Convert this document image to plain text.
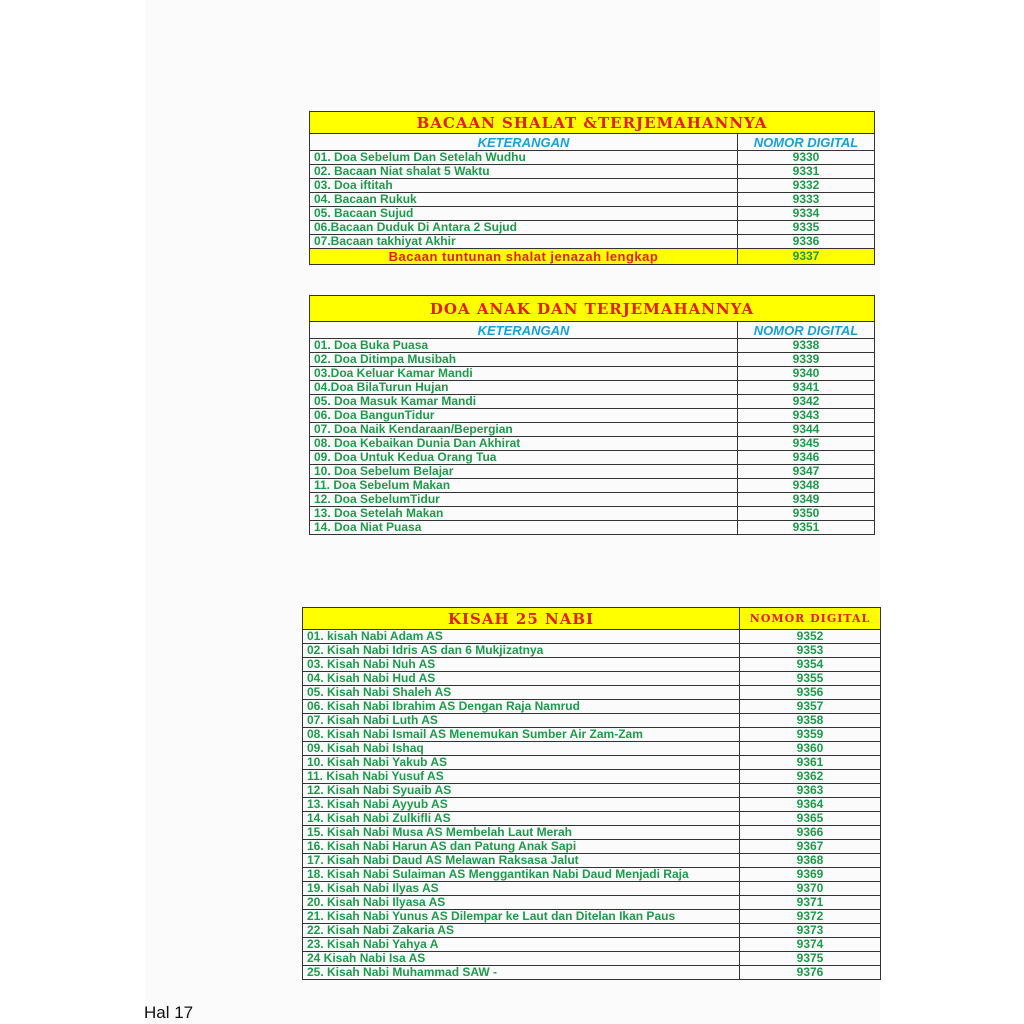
BACAAN SHALAT &TERJEMAHANNYA	
KETERANGAN	NOMOR DIGITAL
01. Doa Sebelum Dan Setelah Wudhu	9330
02. Bacaan Niat shalat 5 Waktu	9331
03. Doa iftitah	9332
04. Bacaan Rukuk	9333
05. Bacaan Sujud	9334
06.Bacaan Duduk Di Antara 2 Sujud	9335
07.Bacaan takhiyat Akhir	9336
Bacaan tuntunan shalat jenazah lengkap	9337
DOA ANAK DAN TERJEMAHANNYA	
KETERANGAN	NOMOR DIGITAL
01. Doa Buka Puasa	9338
02. Doa Ditimpa Musibah	9339
03.Doa Keluar Kamar Mandi	9340
04.Doa BilaTurun Hujan	9341
05. Doa Masuk Kamar Mandi	9342
06. Doa BangunTidur	9343
07. Doa Naik Kendaraan/Bepergian	9344
08. Doa Kebaikan Dunia Dan Akhirat	9345
09. Doa Untuk Kedua Orang Tua	9346
10. Doa Sebelum Belajar	9347
11. Doa Sebelum Makan	9348
12. Doa SebelumTidur	9349
13. Doa Setelah Makan	9350
14. Doa Niat Puasa	9351
KISAH 25 NABI	NOMOR DIGITAL
01. kisah Nabi Adam AS	9352
02. Kisah Nabi Idris AS dan 6 Mukjizatnya	9353
03. Kisah Nabi Nuh AS	9354
04. Kisah Nabi Hud AS	9355
05. Kisah Nabi Shaleh AS	9356
06. Kisah Nabi Ibrahim AS Dengan Raja Namrud	9357
07. Kisah Nabi Luth AS	9358
08. Kisah Nabi Ismail AS Menemukan Sumber Air Zam-Zam	9359
09. Kisah Nabi Ishaq	9360
10. Kisah Nabi Yakub AS	9361
11. Kisah Nabi Yusuf AS	9362
12. Kisah Nabi Syuaib AS	9363
13. Kisah Nabi Ayyub AS	9364
14. Kisah Nabi Zulkifli AS	9365
15. Kisah Nabi Musa AS Membelah Laut Merah	9366
16. Kisah Nabi Harun AS dan Patung Anak Sapi	9367
17. Kisah Nabi Daud AS Melawan Raksasa Jalut	9368
18. Kisah Nabi Sulaiman AS Menggantikan Nabi Daud Menjadi Raja	9369
19. Kisah Nabi Ilyas AS	9370
20. Kisah Nabi Ilyasa AS	9371
21. Kisah Nabi Yunus AS Dilempar ke Laut dan Ditelan Ikan Paus	9372
22. Kisah Nabi Zakaria AS	9373
23. Kisah Nabi Yahya A	9374
24 Kisah Nabi Isa AS	9375
25. Kisah Nabi Muhammad SAW -	9376
Hal 17
